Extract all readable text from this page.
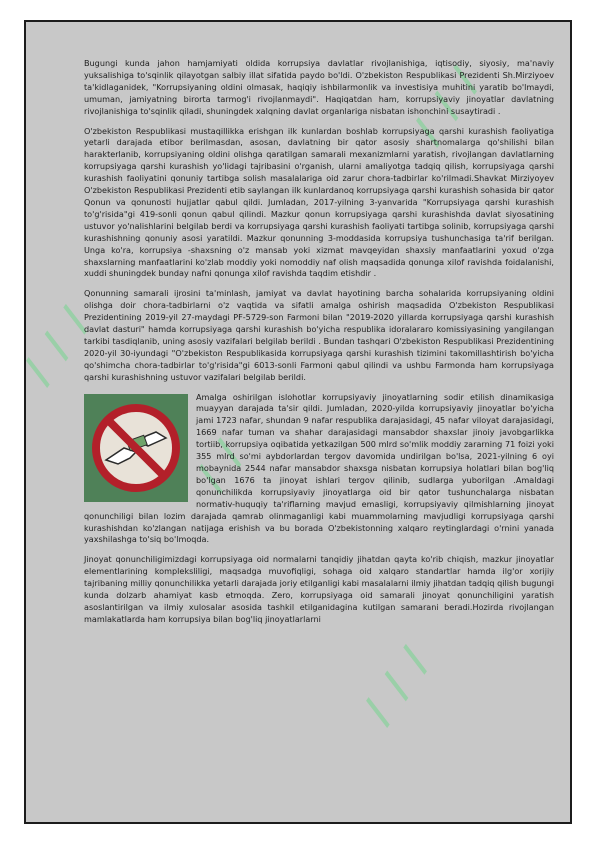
/ / /
/ / /
/ / /
/ /

Bugungi kunda jahon hamjamiyati oldida korrupsiya davlatlar rivojlanishiga, iqtisodiy, siyosiy, ma'naviy yuksalishiga to'sqinlik qilayotgan salbiy illat sifatida paydo bo'ldi. O'zbekiston Respublikasi Prezidenti Sh.Mirziyoev ta'kidlaganidek, "Korrupsiyaning oldini olmasak, haqiqiy ishbilarmonlik va investisiya muhitini yaratib bo'lmaydi, umuman, jamiyatning birorta tarmog'i rivojlanmaydi". Haqiqatdan ham, korrupsiyaviy jinoyatlar davlatning rivojlanishiga to'sqinlik qiladi, shuningdek xalqning davlat organlariga nisbatan ishonchini susaytiradi .

O'zbekiston Respublikasi mustaqillikka erishgan ilk kunlardan boshlab korrupsiyaga qarshi kurashish faoliyatiga yetarli darajada etibor berilmasdan, asosan, davlatning bir qator asosiy shartnomalarga qo'shilishi bilan harakterlanib, korrupsiyaning oldini olishga qaratilgan samarali mexanizmlarni yaratish, rivojlangan davlatlarning korrupsiyaga qarshi kurashish yo'lidagi tajribasini o'rganish, ularni amaliyotga tadqiq qilish, korrupsiyaga qarshi kurashish faoliyatini qonuniy tartibga solish masalalariga oid zarur chora-tadbirlar ko'rilmadi.Shavkat Mirziyoyev O'zbekiston Respublikasi Prezidenti etib saylangan ilk kunlardanoq korrupsiyaga qarshi kurashish sohasida bir qator Qonun va qonunosti hujjatlar qabul qildi. Jumladan, 2017-yilning 3-yanvarida "Korrupsiyaga qarshi kurashish to'g'risida"gi 419-sonli qonun qabul qilindi. Mazkur qonun korrupsiyaga qarshi kurashishda davlat siyosatining ustuvor yo'nalishlarini belgilab berdi va korrupsiyaga qarshi kurashish faoliyati tartibga solinib, korrupsiyaga qarshi kurashishning qonuniy asosi yaratildi. Mazkur qonunning 3-moddasida korrupsiya tushunchasiga ta'rif berilgan. Unga ko'ra, korrupsiya -shaxsning o'z mansab yoki xizmat mavqeyidan shaxsiy manfaatlarini yoxud o'zga shaxslarning manfaatlarini ko'zlab moddiy yoki nomoddiy naf olish maqsadida qonunga xilof ravishda foidalanishi, xuddi shuningdek bunday nafni qonunga xilof ravishda taqdim etishdir .

Qonunning samarali ijrosini ta'minlash, jamiyat va davlat hayotining barcha sohalarida korrupsiyaning oldini olishga doir chora-tadbirlarni o'z vaqtida va sifatli amalga oshirish maqsadida O'zbekiston Respublikasi Prezidentining 2019-yil 27-maydagi PF-5729-son Farmoni bilan "2019-2020 yillarda korrupsiyaga qarshi kurashish davlat dasturi" hamda korrupsiyaga qarshi kurashish bo'yicha respublika idoralararo komissiyasining yangilangan tarkibi tasdiqlanib, uning asosiy vazifalari belgilab berildi . Bundan tashqari O'zbekiston Respublikasi Prezidentining 2020-yil 30-iyundagi "O'zbekiston Respublikasida korrupsiyaga qarshi kurashish tizimini takomillashtirish bo'yicha qo'shimcha chora-tadbirlar to'g'risida"gi 6013-sonli Farmoni qabul qilindi va ushbu Farmonda ham korrupsiyaga qarshi kurashishning ustuvor vazifalari belgilab berildi.

Amalga oshirilgan islohotlar korrupsiyaviy jinoyatlarning sodir etilish dinamikasiga muayyan darajada ta'sir qildi. Jumladan, 2020-yilda korrupsiyaviy jinoyatlar bo'yicha jami 1723 nafar, shundan 9 nafar respublika darajasidagi, 45 nafar viloyat darajasidagi, 1669 nafar tuman va shahar darajasidagi mansabdor shaxslar jinoiy javobgarlikka tortiib, korrupsiya oqibatida yetkazilgan 500 mlrd so'mlik moddiy zararning 71 foizi yoki 355 mlrd so'mi aybdorlardan tergov davomida undirilgan bo'lsa, 2021-yilning 6 oyi mobaynida 2544 nafar mansabdor shaxsga nisbatan korrupsiya holatlari bilan bog'liq bo'lgan 1676 ta jinoyat ishlari tergov qilinib, sudlarga yuborilgan .Amaldagi qonunchilikda korrupsiyaviy jinoyatlarga oid bir qator tushunchalarga nisbatan normativ-huquqiy ta'riflarning mavjud emasligi, korrupsiyaviy qilmishlarning jinoyat qonunchiligi bilan lozim darajada qamrab olinmaganligi kabi muammolarning mavjudligi korrupsiyaga qarshi kurashishdan ko'zlangan natijaga erishish va bu borada O'zbekistonning xalqaro reytinglardagi o'rnini yanada yaxshilashga to'siq bo'lmoqda.

Jinoyat qonunchiligimizdagi korrupsiyaga oid normalarni tanqidiy jihatdan qayta ko'rib chiqish, mazkur jinoyatlar elementlarining kompleksliligi, maqsadga muvofiqligi, sohaga oid xalqaro standartlar hamda ilg'or xorijiy tajribaning milliy qonunchilikka yetarli darajada joriy etilganligi kabi masalalarni ilmiy jihatdan tadqiq qilish bugungi kunda dolzarb ahamiyat kasb etmoqda. Zero, korrupsiyaga oid samarali jinoyat qonunchiligini yaratish asoslantirilgan va ilmiy xulosalar asosida tashkil etilganidagina kutilgan samarani beradi.Hozirda rivojlangan mamlakatlarda ham korrupsiya bilan bog'liq jinoyatlarlarni
